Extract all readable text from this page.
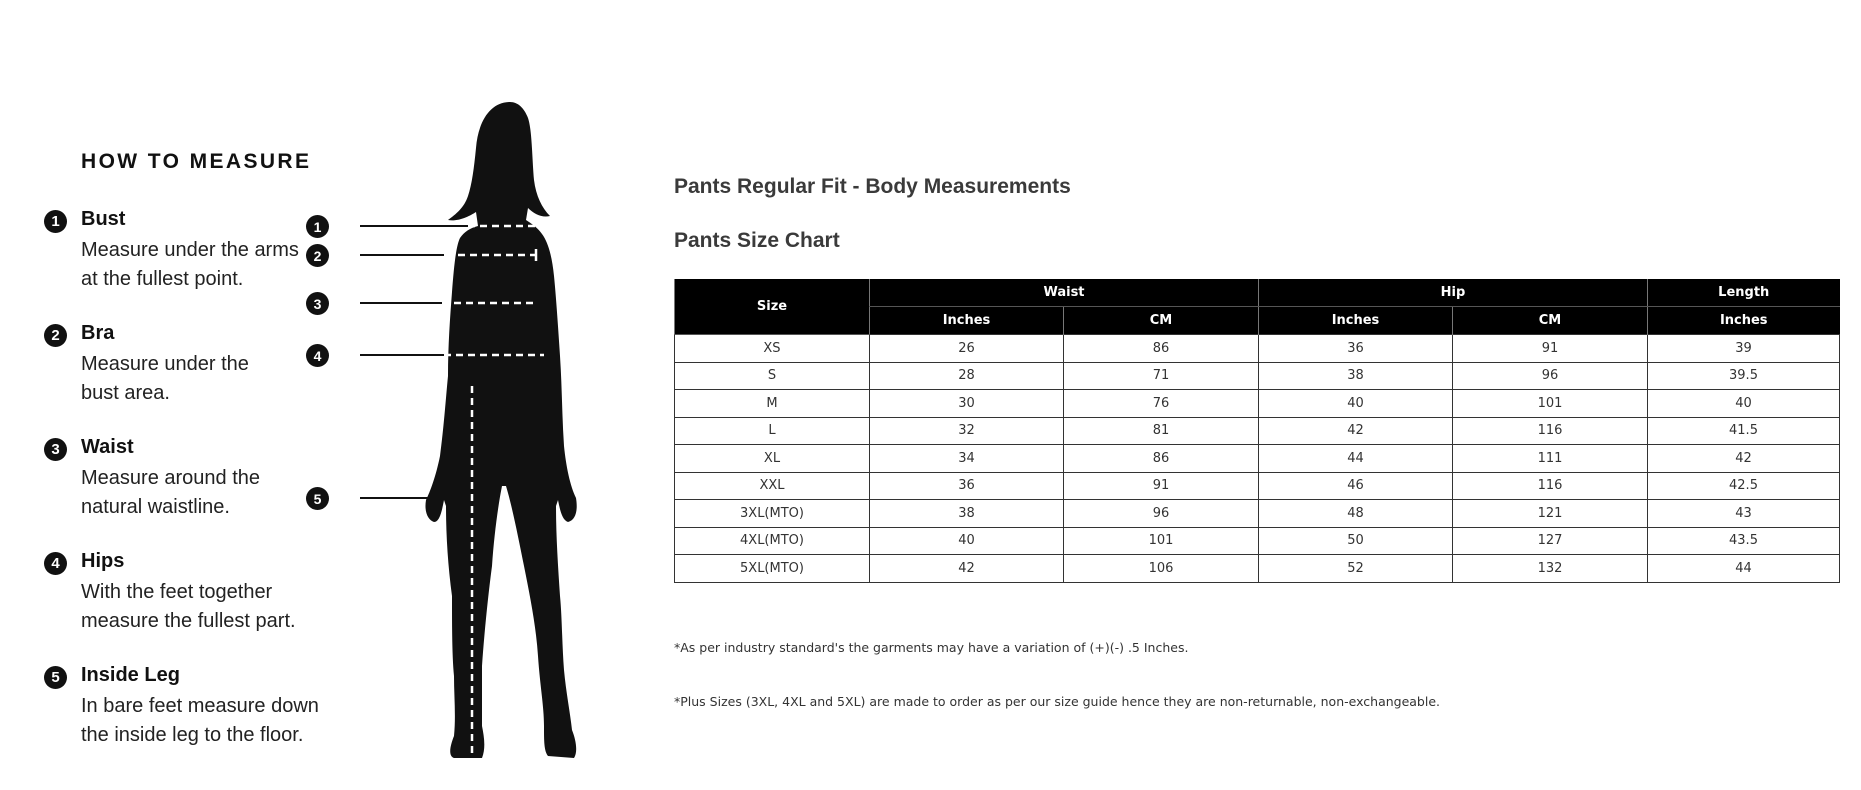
HOW TO MEASURE
1	Bust
Measure under the arms
at the fullest point.
2	Bra
Measure under the
bust area.
3	Waist
Measure around the
natural waistline.
4	Hips
With the feet together
measure the fullest part.
5	Inside Leg
In bare feet measure down
the inside leg to the floor.
1
2
3
4
5
Pants Regular Fit - Body Measurements
Pants Size Chart
Size	Waist		Hip		Length
	Inches	CM	Inches	CM	Inches
XS	26	86	36	91	39
S	28	71	38	96	39.5
M	30	76	40	101	40
L	32	81	42	116	41.5
XL	34	86	44	111	42
XXL	36	91	46	116	42.5
3XL(MTO)	38	96	48	121	43
4XL(MTO)	40	101	50	127	43.5
5XL(MTO)	42	106	52	132	44
*As per industry standard's the garments may have a variation of (+)(-) .5 Inches.
*Plus Sizes (3XL, 4XL and 5XL) are made to order as per our size guide hence they are non-returnable, non-exchangeable.
